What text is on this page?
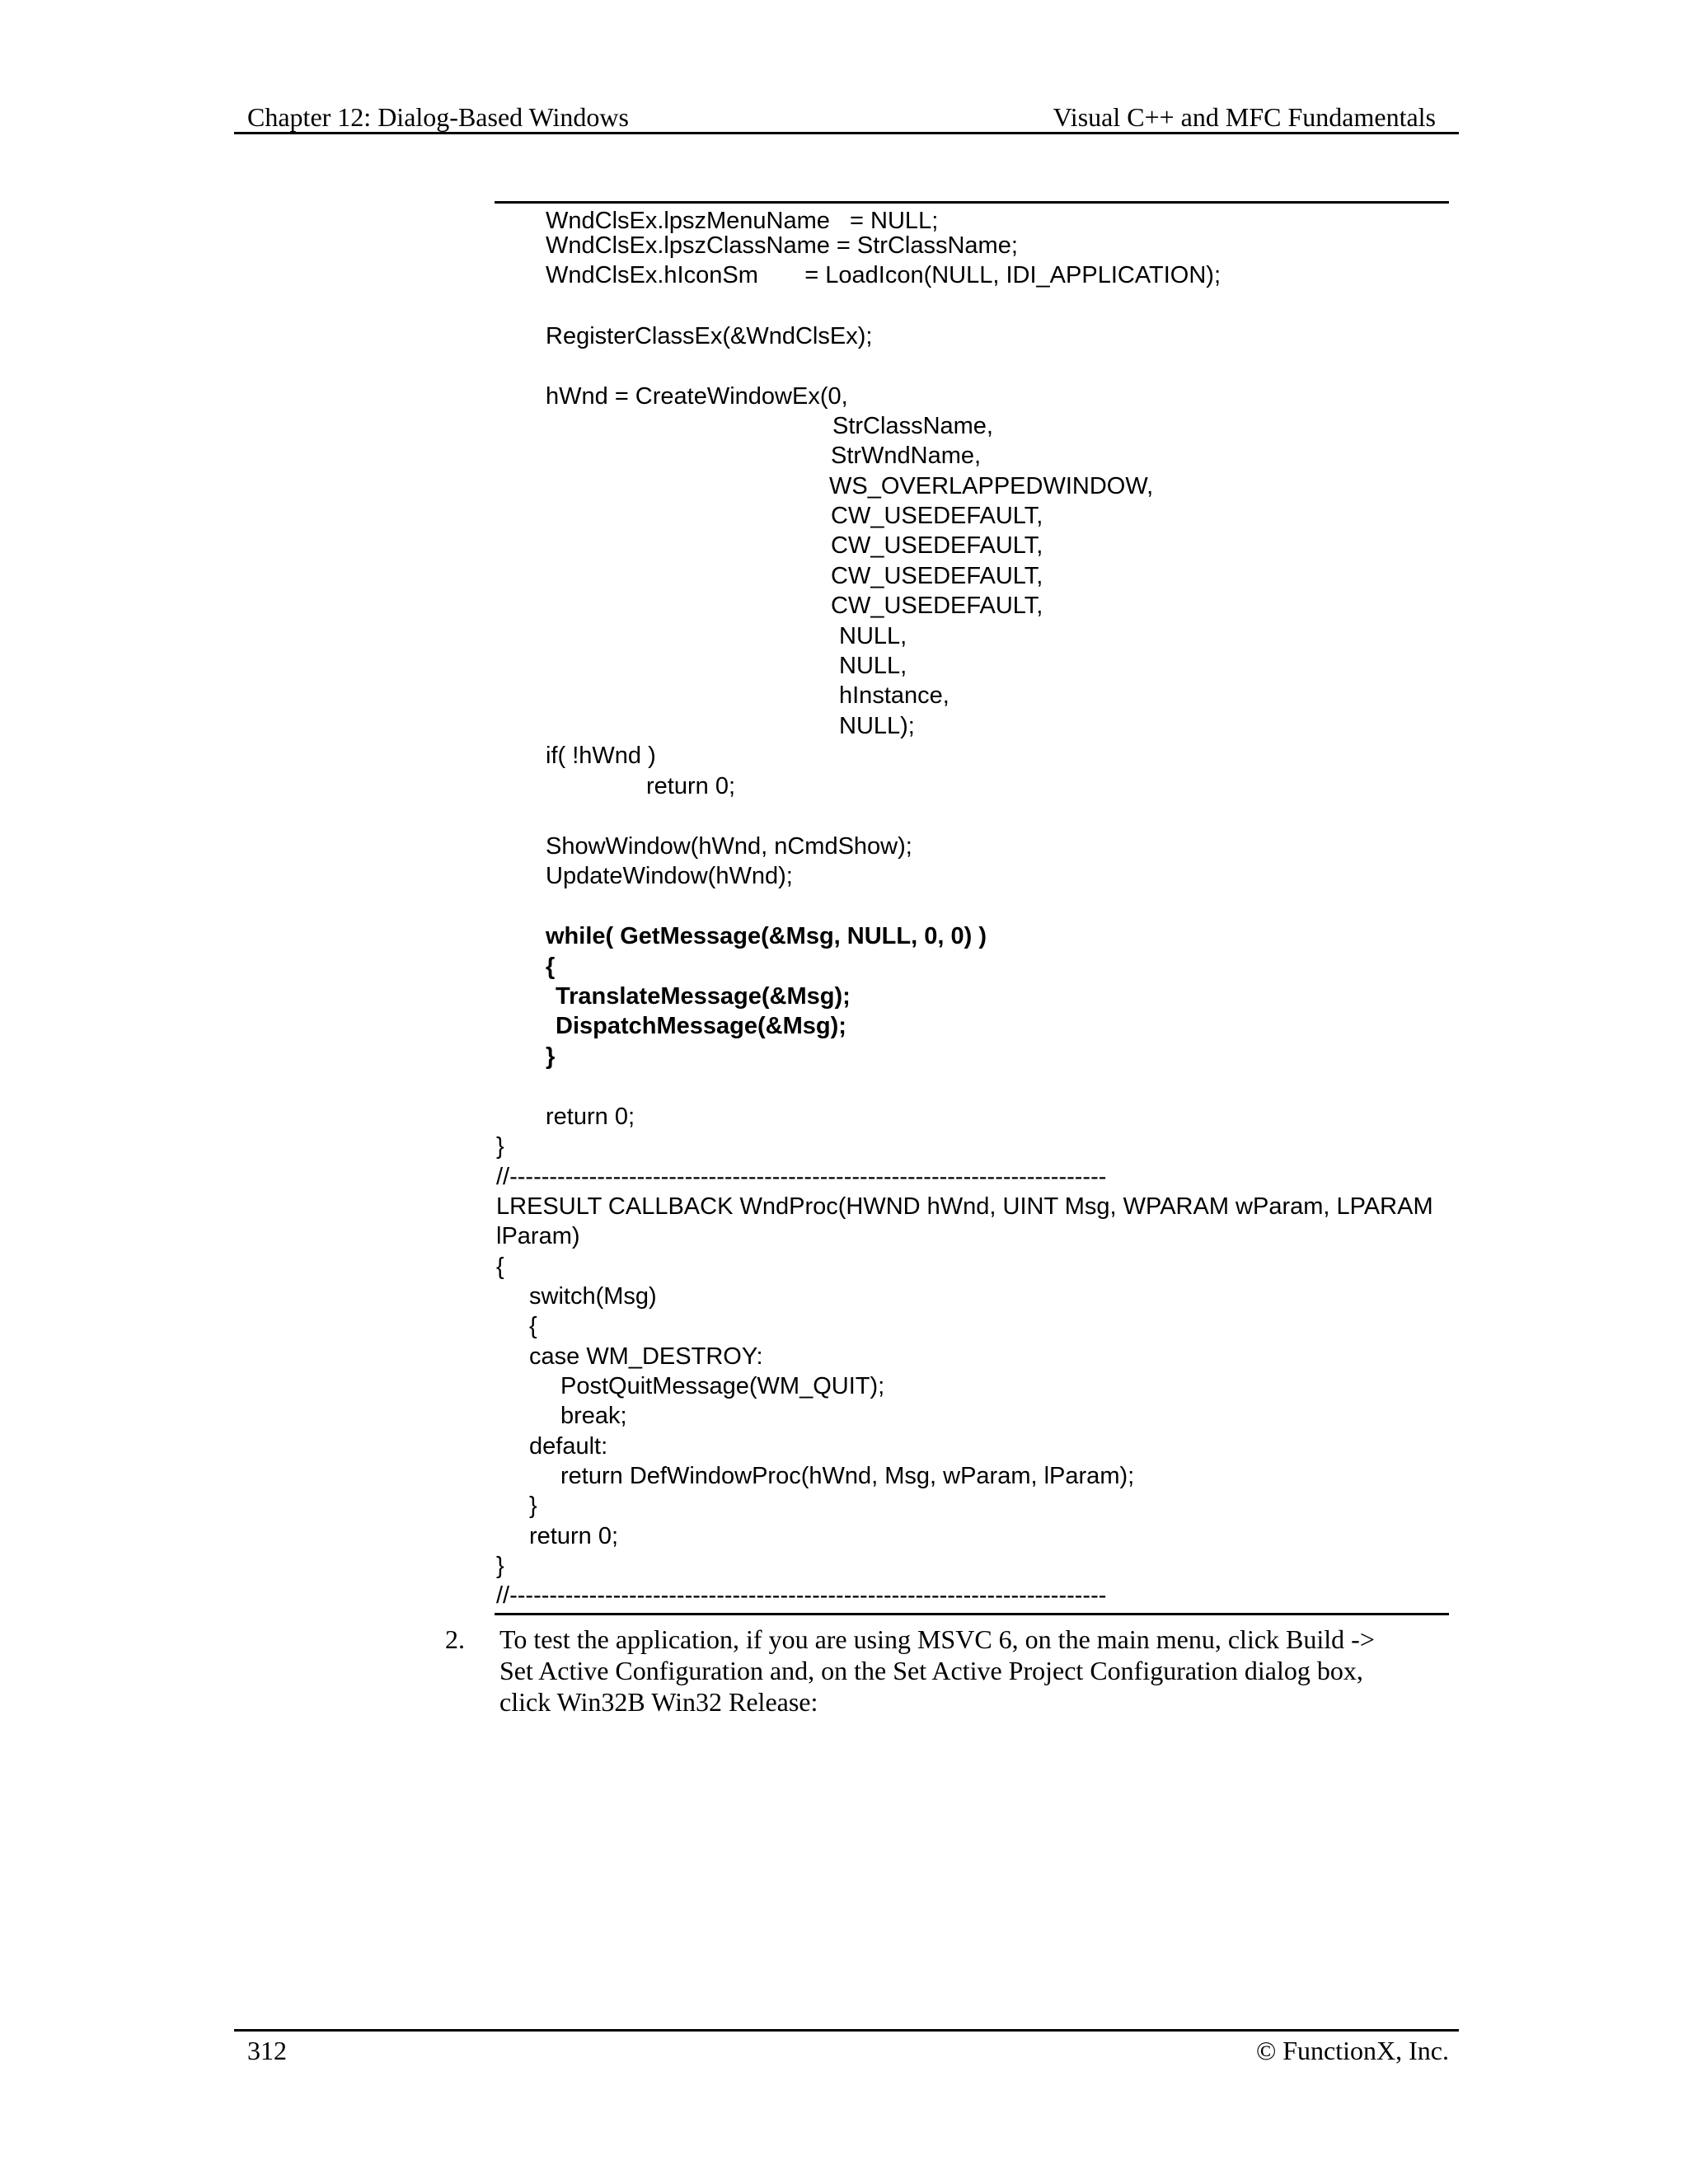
Chapter 12: Dialog-Based Windows	Visual C++ and MFC Fundamentals
WndClsEx.lpszMenuName   = NULL;
WndClsEx.lpszClassName = StrClassName;
WndClsEx.hIconSm       = LoadIcon(NULL, IDI_APPLICATION);
RegisterClassEx(&WndClsEx);
hWnd = CreateWindowEx(0,
StrClassName,
StrWndName,
WS_OVERLAPPEDWINDOW,
CW_USEDEFAULT,
CW_USEDEFAULT,
CW_USEDEFAULT,
CW_USEDEFAULT,
NULL,
NULL,
hInstance,
NULL);
if( !hWnd )
return 0;
ShowWindow(hWnd, nCmdShow);
UpdateWindow(hWnd);
while( GetMessage(&Msg, NULL, 0, 0) )
{
TranslateMessage(&Msg);
DispatchMessage(&Msg);
}
return 0;
}
//---------------------------------------------------------------------------
LRESULT CALLBACK WndProc(HWND hWnd, UINT Msg, WPARAM wParam, LPARAM
lParam)
{
switch(Msg)
{
case WM_DESTROY:
PostQuitMessage(WM_QUIT);
break;
default:
return DefWindowProc(hWnd, Msg, wParam, lParam);
}
return 0;
}
//---------------------------------------------------------------------------
2. To test the application, if you are using MSVC 6, on the main menu, click Build ->
Set Active Configuration and, on the Set Active Project Configuration dialog box,
click Win32B Win32 Release:
312	© FunctionX, Inc.
